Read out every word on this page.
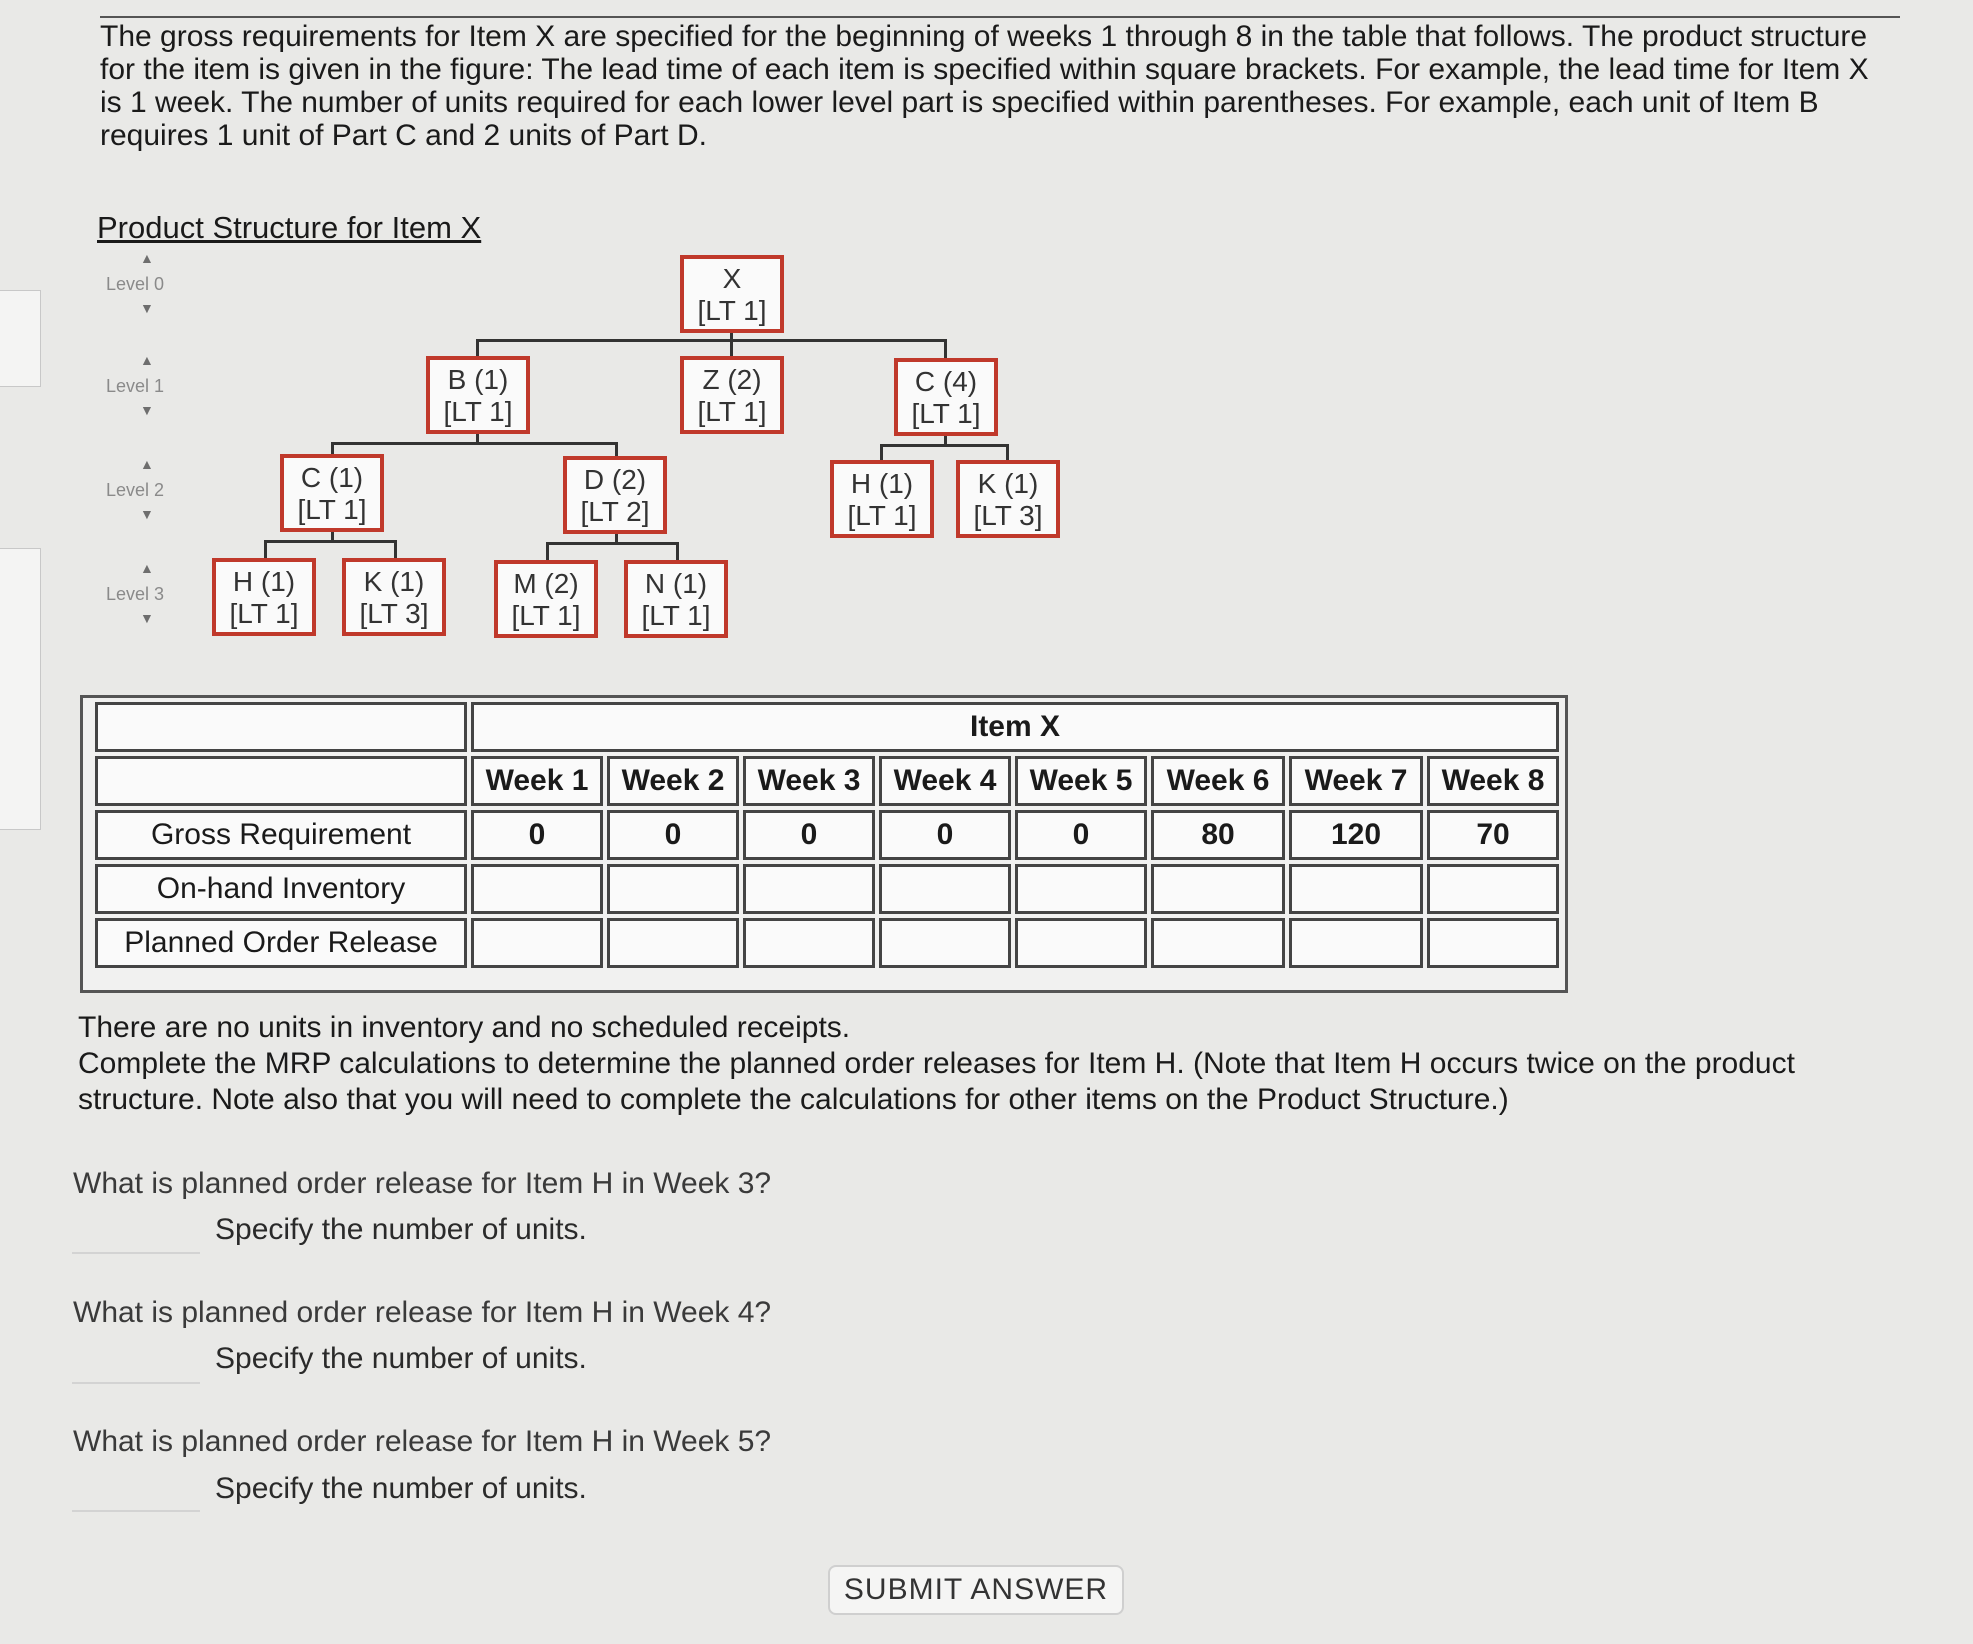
The gross requirements for Item X are specified for the beginning of weeks 1 through 8 in the table that follows. The product structure for the item is given in the figure: The lead time of each item is specified within square brackets. For example, the lead time for Item X is 1 week. The number of units required for each lower level part is specified within parentheses. For example, each unit of Item B requires 1 unit of Part C and 2 units of Part D.

Product Structure for Item X

▲
Level 0
▼
▲
Level 1
▼
▲
Level 2
▼
▲
Level 3
▼
X
[LT 1]
B (1)
[LT 1]
Z (2)
[LT 1]
C (4)
[LT 1]
C (1)
[LT 1]
D (2)
[LT 2]
H (1)
[LT 1]
K (1)
[LT 3]
H (1)
[LT 1]
K (1)
[LT 3]
M (2)
[LT 1]
N (1)
[LT 1]
Item X
Week 1	Week 2	Week 3	Week 4	Week 5	Week 6	Week 7	Week 8
Gross Requirement	0	0	0	0	0	80	120	70
On-hand Inventory
Planned Order Release
There are no units in inventory and no scheduled receipts.
Complete the MRP calculations to determine the planned order releases for Item H. (Note that Item H occurs twice on the product structure. Note also that you will need to complete the calculations for other items on the Product Structure.)

What is planned order release for Item H in Week 3?

Specify the number of units.

What is planned order release for Item H in Week 4?

Specify the number of units.

What is planned order release for Item H in Week 5?

Specify the number of units.

SUBMIT ANSWER
